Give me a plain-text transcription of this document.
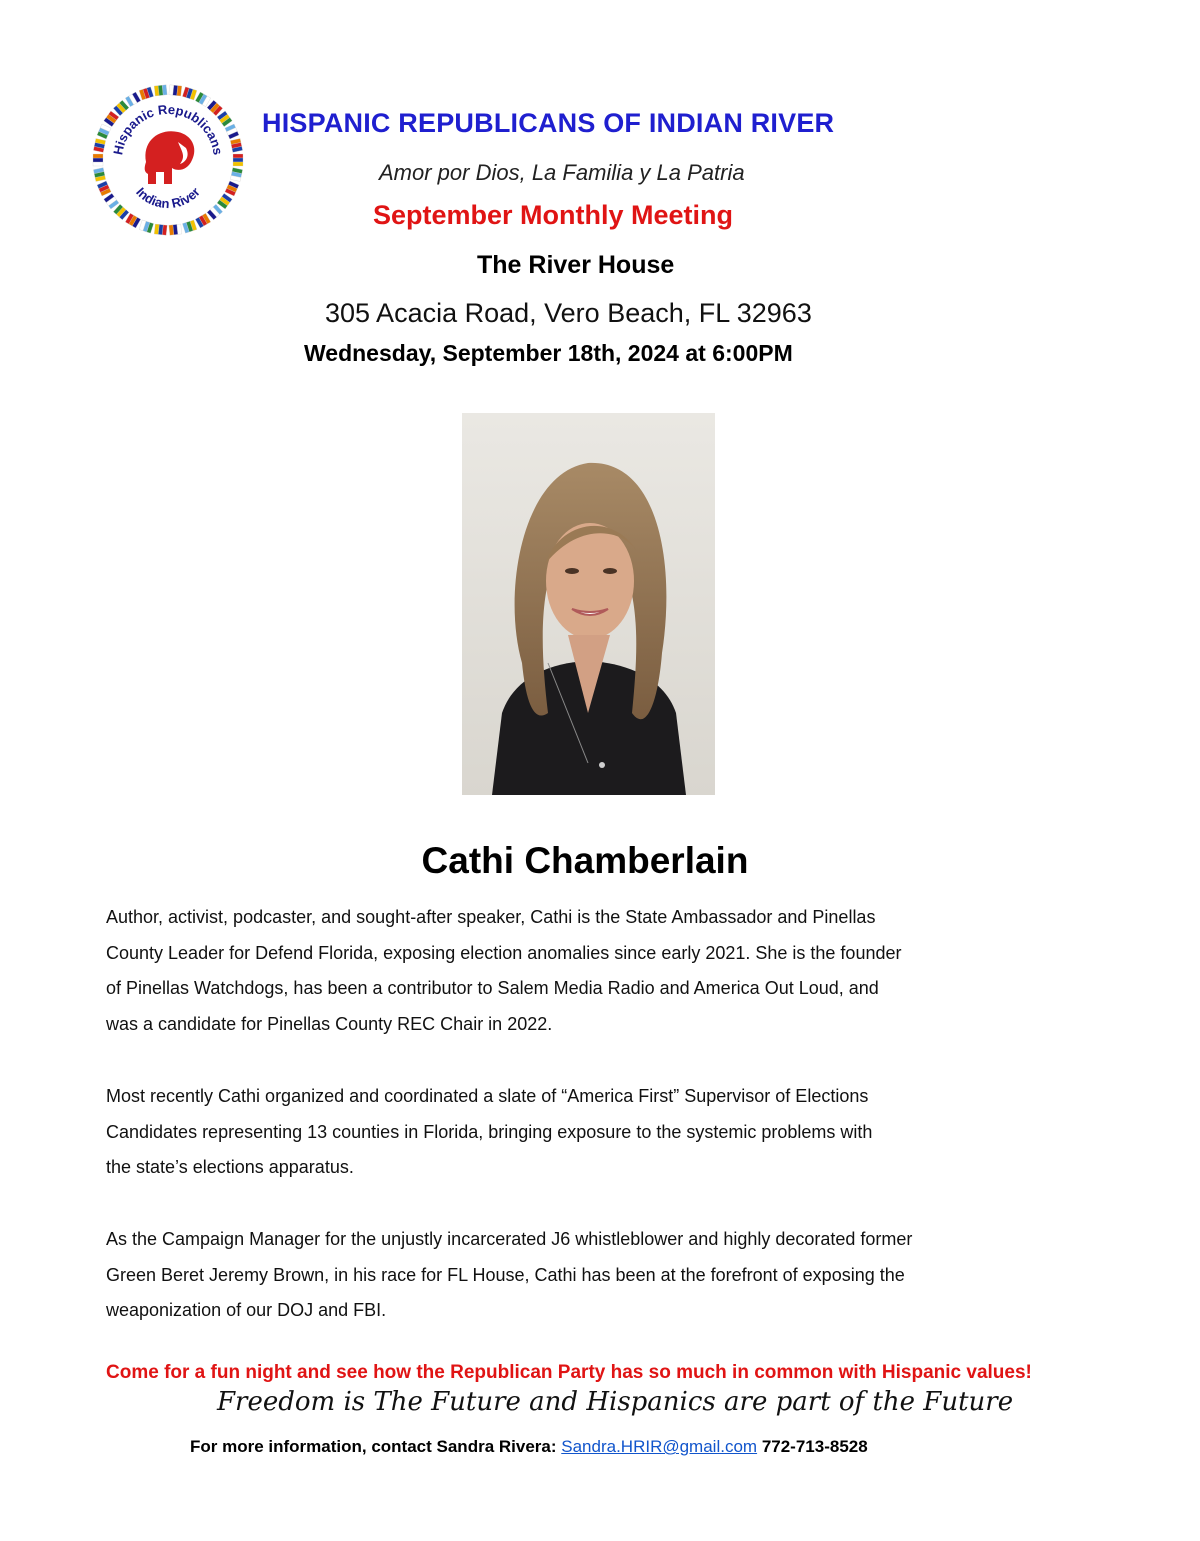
Hispanic Republicans
Indian River
HISPANIC REPUBLICANS OF INDIAN RIVER
Amor por Dios, La Familia y La Patria
September Monthly Meeting
The River House
305 Acacia Road, Vero Beach, FL 32963
Wednesday, September 18th, 2024 at 6:00PM
Cathi Chamberlain
Author, activist, podcaster, and sought-after speaker, Cathi is the State Ambassador and Pinellas
County Leader for Defend Florida, exposing election anomalies since early 2021. She is the founder
of Pinellas Watchdogs, has been a contributor to Salem Media Radio and America Out Loud, and
was a candidate for Pinellas County REC Chair in 2022.
Most recently Cathi organized and coordinated a slate of “America First” Supervisor of Elections
Candidates representing 13 counties in Florida, bringing exposure to the systemic problems with
the state’s elections apparatus.
As the Campaign Manager for the unjustly incarcerated J6 whistleblower and highly decorated former
Green Beret Jeremy Brown, in his race for FL House, Cathi has been at the forefront of exposing the
weaponization of our DOJ and FBI.
Come for a fun night and see how the Republican Party has so much in common with Hispanic values!
Freedom is The Future and Hispanics are part of the Future
For more information, contact Sandra Rivera: Sandra.HRIR@gmail.com 772-713-8528
